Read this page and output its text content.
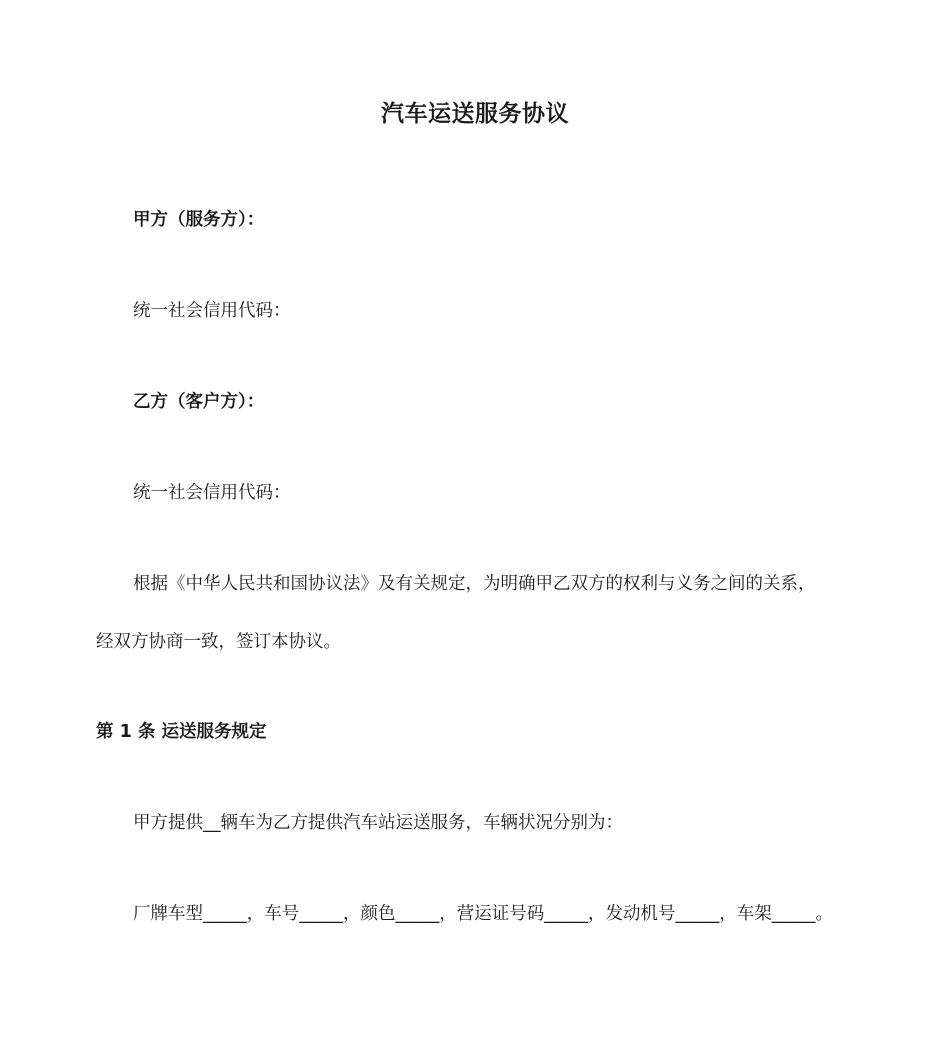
汽车运送服务协议
甲方（服务方）：
统一社会信用代码：
乙方（客户方）：
统一社会信用代码：
根据《中华人民共和国协议法》及有关规定，为明确甲乙双方的权利与义务之间的关系，
经双方协商一致，签订本协议。
第 1 条 运送服务规定
甲方提供__辆车为乙方提供汽车站运送服务，车辆状况分别为：
厂牌车型_____，车号_____，颜色_____，营运证号码_____，发动机号_____，车架_____。
